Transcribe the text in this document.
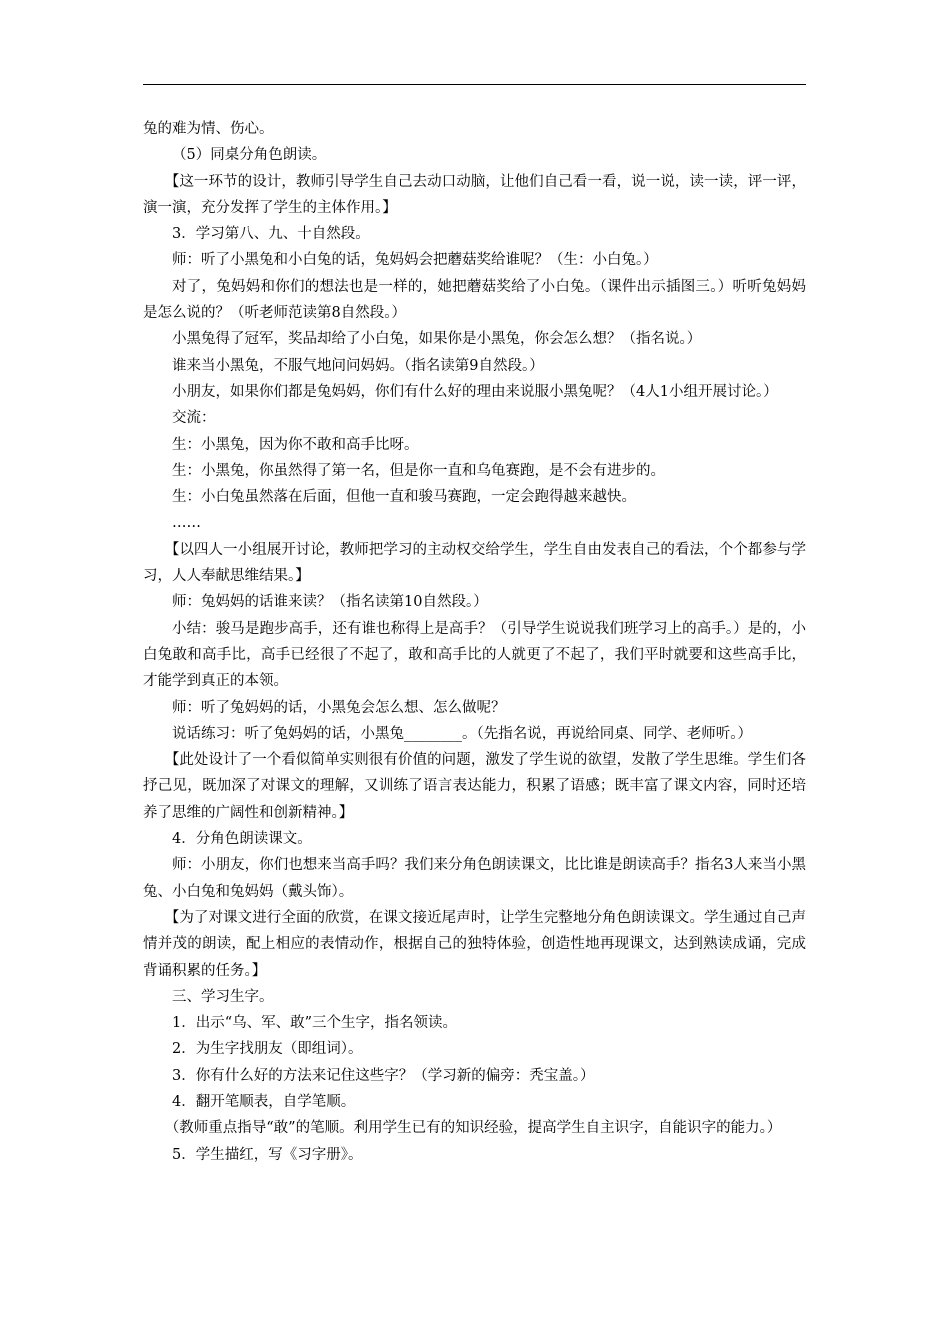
兔的难为情、伤心。

（5）同桌分角色朗读。

【这一环节的设计，教师引导学生自己去动口动脑，让他们自己看一看，说一说，读一读，评一评，演一演，充分发挥了学生的主体作用。】

3．学习第八、九、十自然段。

师：听了小黑兔和小白兔的话，兔妈妈会把蘑菇奖给谁呢？（生：小白兔。）

对了，兔妈妈和你们的想法也是一样的，她把蘑菇奖给了小白兔。（课件出示插图三。）听听兔妈妈是怎么说的？（听老师范读第8自然段。）

小黑兔得了冠军，奖品却给了小白兔，如果你是小黑兔，你会怎么想？（指名说。）

谁来当小黑兔，不服气地问问妈妈。（指名读第9自然段。）

小朋友，如果你们都是兔妈妈，你们有什么好的理由来说服小黑兔呢？（4人1小组开展讨论。）

交流：

生：小黑兔，因为你不敢和高手比呀。

生：小黑兔，你虽然得了第一名，但是你一直和乌龟赛跑，是不会有进步的。

生：小白兔虽然落在后面，但他一直和骏马赛跑，一定会跑得越来越快。

……

【以四人一小组展开讨论，教师把学习的主动权交给学生，学生自由发表自己的看法，个个都参与学习，人人奉献思维结果。】

师：兔妈妈的话谁来读？（指名读第10自然段。）

小结：骏马是跑步高手，还有谁也称得上是高手？（引导学生说说我们班学习上的高手。）是的，小白兔敢和高手比，高手已经很了不起了，敢和高手比的人就更了不起了，我们平时就要和这些高手比，才能学到真正的本领。

师：听了兔妈妈的话，小黑兔会怎么想、怎么做呢？

说话练习：听了兔妈妈的话，小黑兔________。（先指名说，再说给同桌、同学、老师听。）

【此处设计了一个看似简单实则很有价值的问题，激发了学生说的欲望，发散了学生思维。学生们各抒己见，既加深了对课文的理解，又训练了语言表达能力，积累了语感；既丰富了课文内容，同时还培养了思维的广阔性和创新精神。】

4．分角色朗读课文。

师：小朋友，你们也想来当高手吗？我们来分角色朗读课文，比比谁是朗读高手？指名3人来当小黑兔、小白兔和兔妈妈（戴头饰）。

【为了对课文进行全面的欣赏，在课文接近尾声时，让学生完整地分角色朗读课文。学生通过自己声情并茂的朗读，配上相应的表情动作，根据自己的独特体验，创造性地再现课文，达到熟读成诵，完成背诵积累的任务。】

三、学习生字。

1．出示“乌、军、敢”三个生字，指名领读。

2．为生字找朋友（即组词）。

3．你有什么好的方法来记住这些字？（学习新的偏旁：秃宝盖。）

4．翻开笔顺表，自学笔顺。

（教师重点指导“敢”的笔顺。利用学生已有的知识经验，提高学生自主识字，自能识字的能力。）

5．学生描红，写《习字册》。
